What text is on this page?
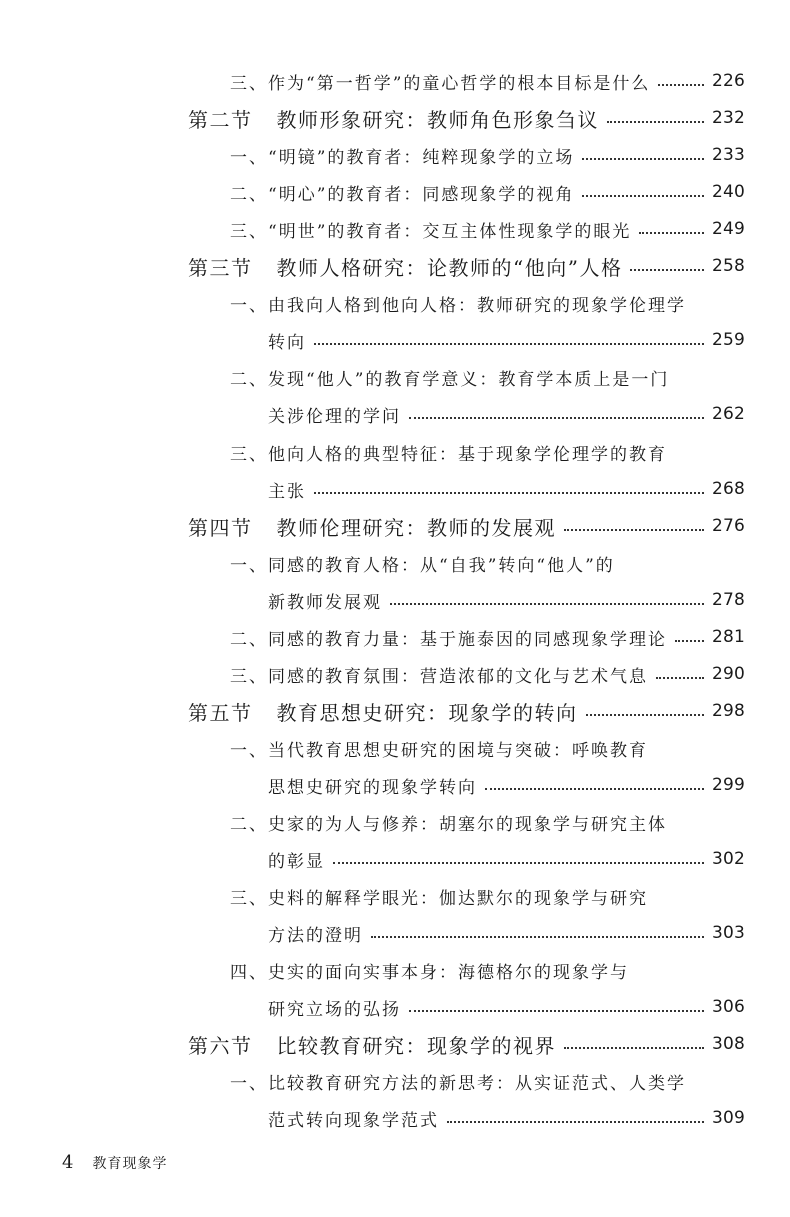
三、作为“第一哲学”的童心哲学的根本目标是什么	226
第二节 教师形象研究：教师角色形象刍议	232
一、“明镜”的教育者：纯粹现象学的立场	233
二、“明心”的教育者：同感现象学的视角	240
三、“明世”的教育者：交互主体性现象学的眼光	249
第三节 教师人格研究：论教师的“他向”人格	258
一、由我向人格到他向人格：教师研究的现象学伦理学
转向	259
二、发现“他人”的教育学意义：教育学本质上是一门
关涉伦理的学问	262
三、他向人格的典型特征：基于现象学伦理学的教育
主张	268
第四节 教师伦理研究：教师的发展观	276
一、同感的教育人格：从“自我”转向“他人”的
新教师发展观	278
二、同感的教育力量：基于施泰因的同感现象学理论	281
三、同感的教育氛围：营造浓郁的文化与艺术气息	290
第五节 教育思想史研究：现象学的转向	298
一、当代教育思想史研究的困境与突破：呼唤教育
思想史研究的现象学转向	299
二、史家的为人与修养：胡塞尔的现象学与研究主体
的彰显	302
三、史料的解释学眼光：伽达默尔的现象学与研究
方法的澄明	303
四、史实的面向实事本身：海德格尔的现象学与
研究立场的弘扬	306
第六节 比较教育研究：现象学的视界	308
一、比较教育研究方法的新思考：从实证范式、人类学
范式转向现象学范式	309
4 教育现象学
